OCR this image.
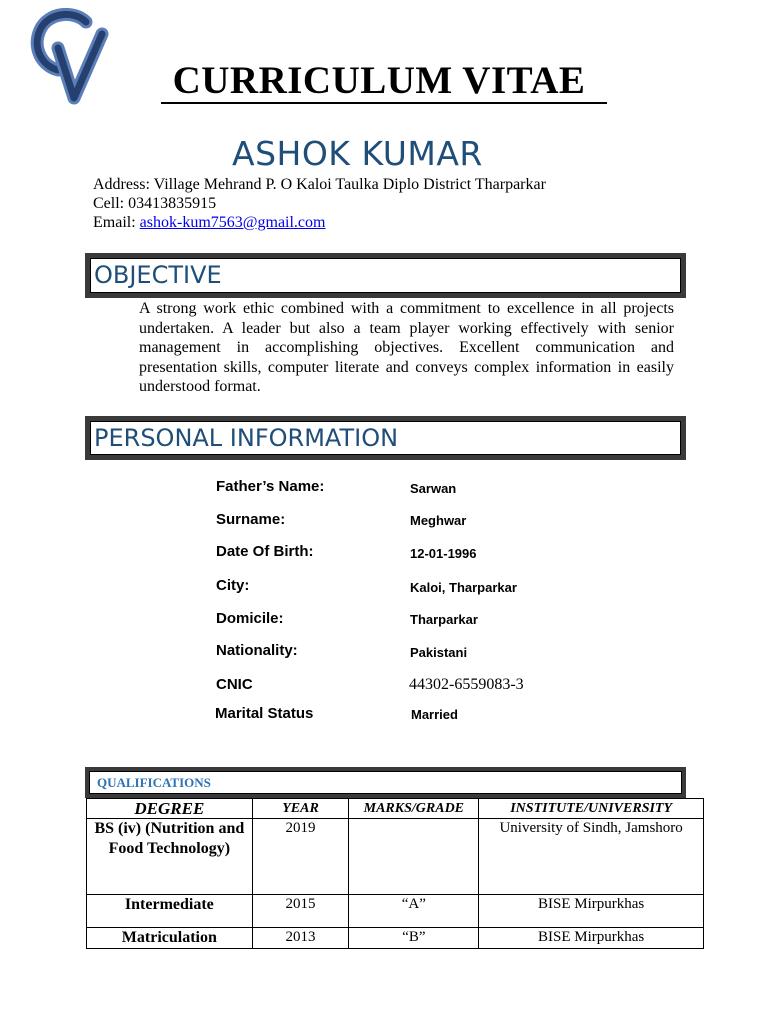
CURRICULUM VITAE
ASHOK KUMAR
Address: Village Mehrand P. O Kaloi Taulka Diplo District Tharparkar
Cell: 03413835915
Email: ashok-kum7563@gmail.com
OBJECTIVE
A strong work ethic combined with a commitment to excellence in all projects undertaken. A leader but also a team player working effectively with senior management in accomplishing objectives. Excellent communication and presentation skills, computer literate and conveys complex information in easily understood format.
PERSONAL INFORMATION
Father’s Name:	Sarwan
Surname:	Meghwar
Date Of Birth:	12-01-1996
City:	Kaloi, Tharparkar
Domicile:	Tharparkar
Nationality:	Pakistani
CNIC	44302-6559083-3
Marital Status	Married
QUALIFICATIONS
DEGREE	YEAR	MARKS/GRADE	INSTITUTE/UNIVERSITY
BS (iv) (Nutrition and Food Technology)	2019		University of Sindh, Jamshoro
Intermediate	2015	“A”	BISE Mirpurkhas
Matriculation	2013	“B”	BISE Mirpurkhas
